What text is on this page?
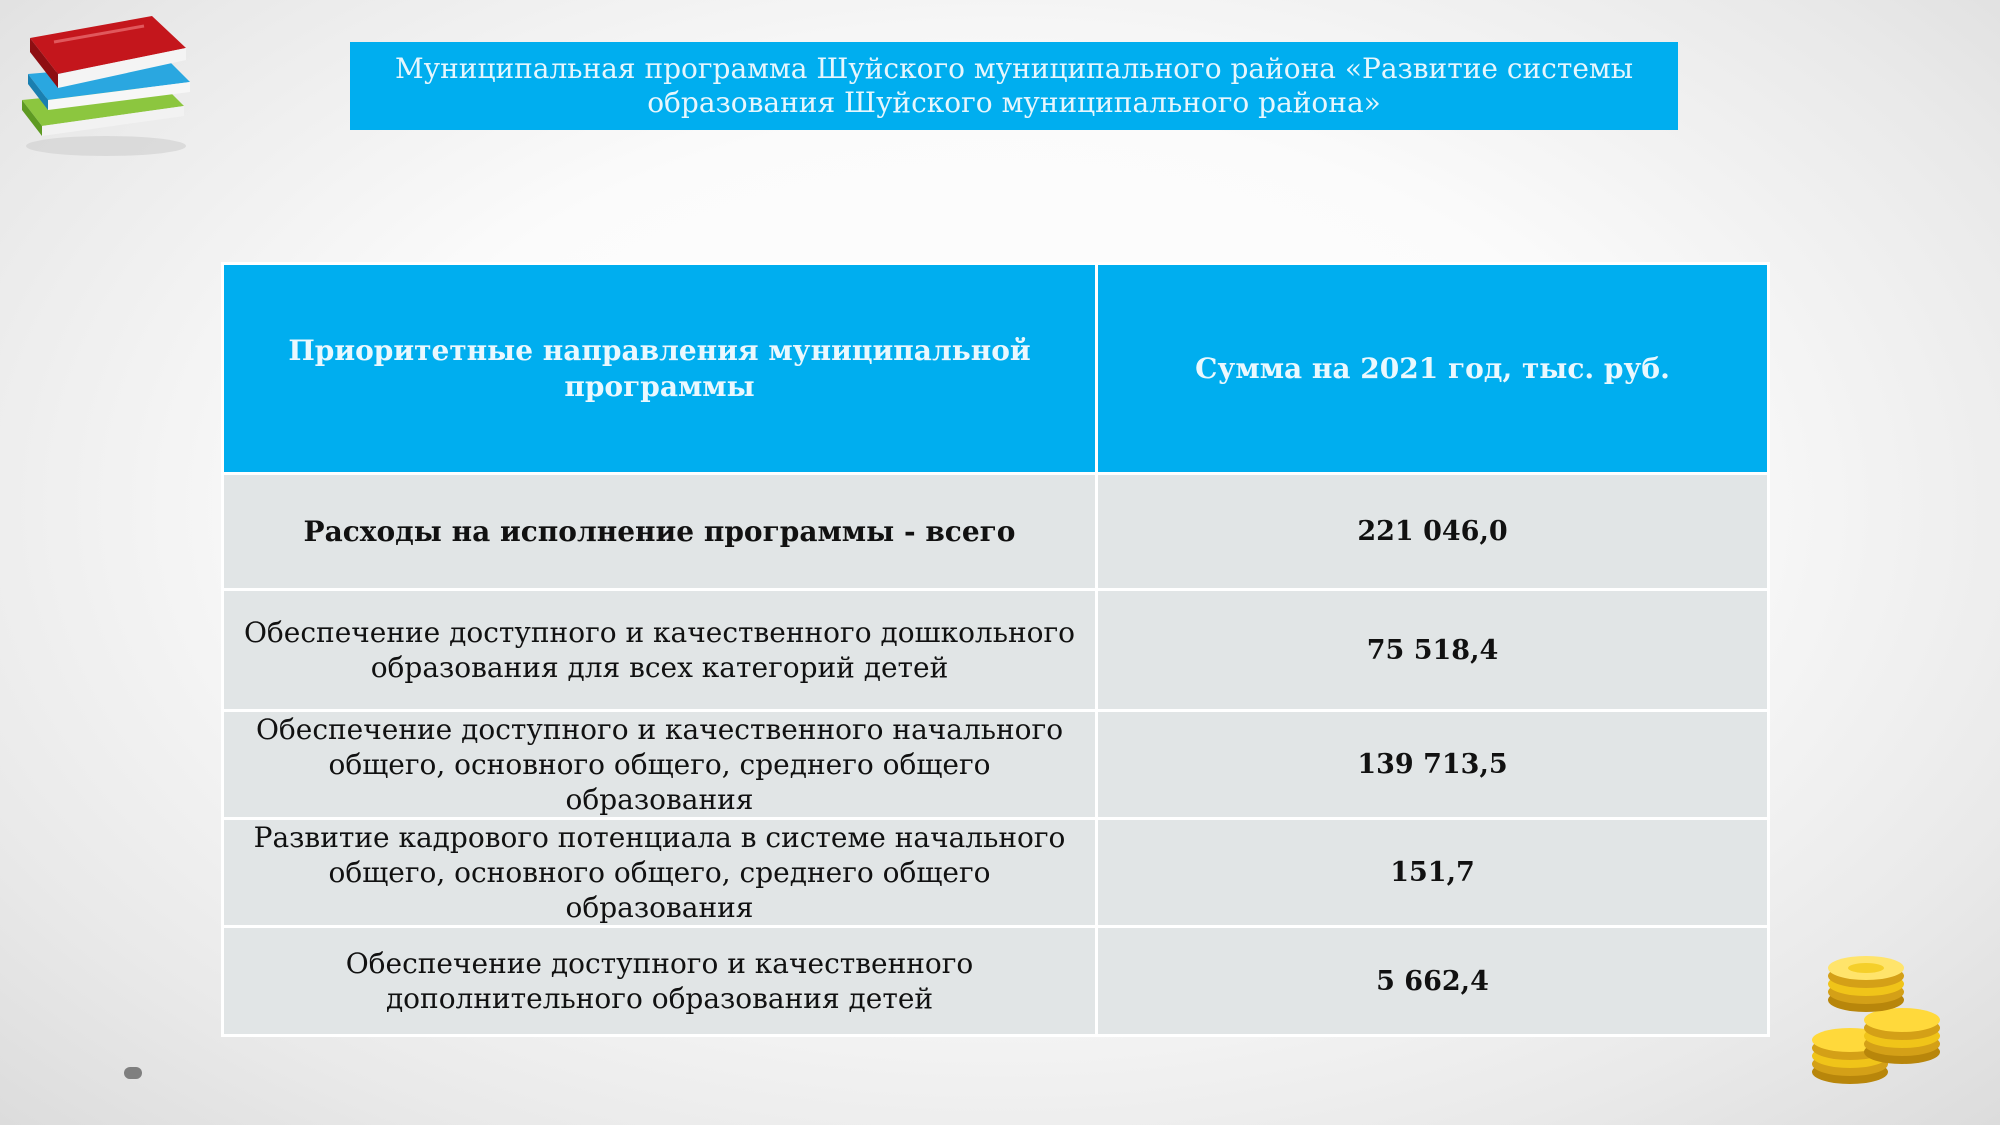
Муниципальная программа Шуйского муниципального района «Развитие системы
образования Шуйского муниципального района»
Приоритетные направления муниципальной программы	Сумма на 2021 год, тыс. руб.
Расходы на исполнение программы - всего	221 046,0
Обеспечение доступного и качественного дошкольного образования для всех категорий детей	75 518,4
Обеспечение доступного и качественного начального общего, основного общего, среднего общего образования	139 713,5
Развитие кадрового потенциала в системе начального общего, основного общего, среднего общего образования	151,7
Обеспечение доступного и качественного дополнительного образования детей	5 662,4
